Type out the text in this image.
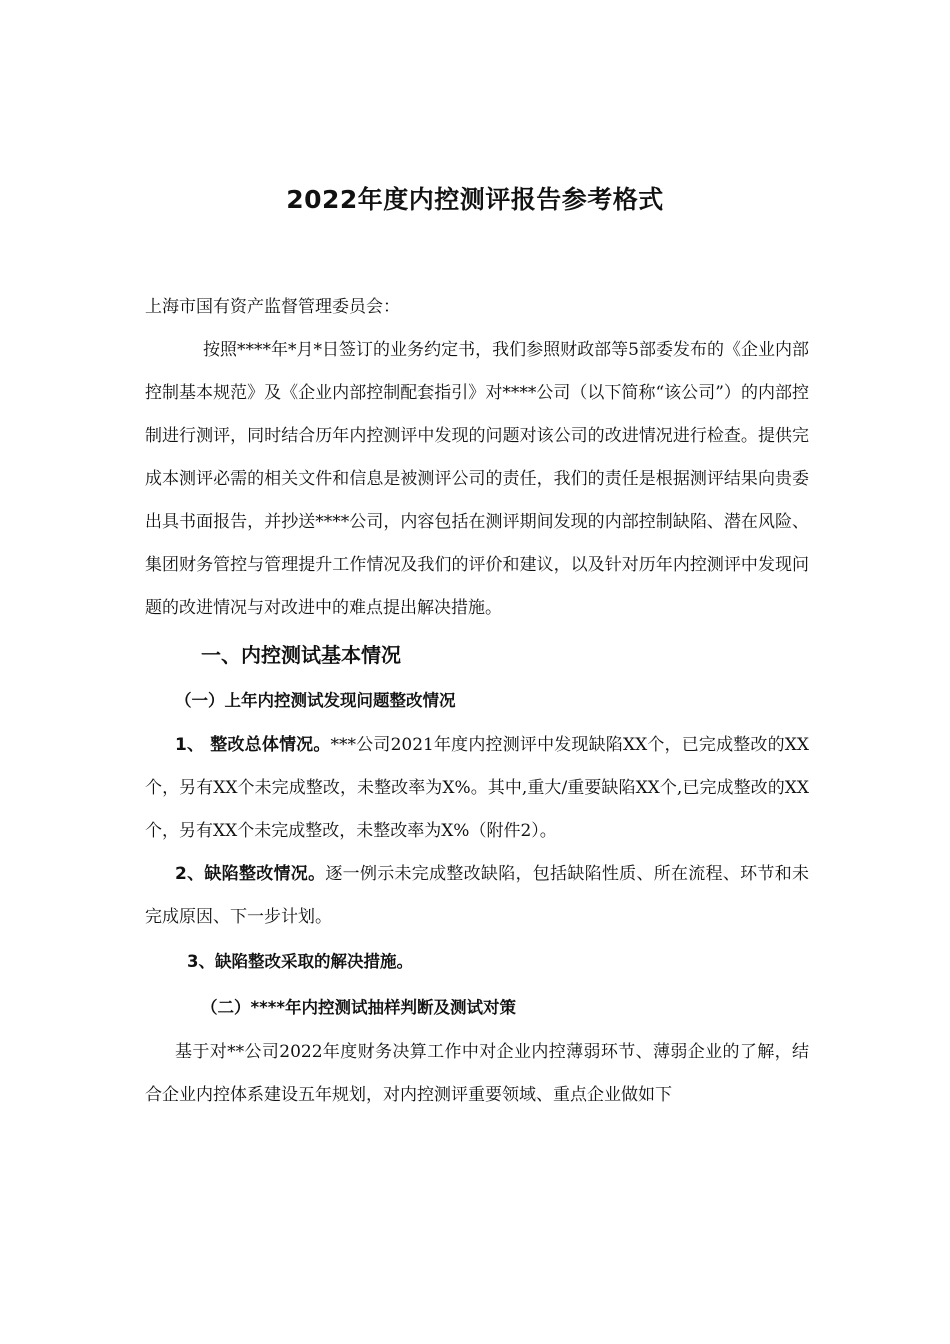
2022年度内控测评报告参考格式

上海市国有资产监督管理委员会：

按照****年*月*日签订的业务约定书，我们参照财政部等5部委发布的《企业内部控制基本规范》及《企业内部控制配套指引》对****公司（以下简称“该公司”）的内部控制进行测评，同时结合历年内控测评中发现的问题对该公司的改进情况进行检查。提供完成本测评必需的相关文件和信息是被测评公司的责任，我们的责任是根据测评结果向贵委出具书面报告，并抄送****公司，内容包括在测评期间发现的内部控制缺陷、潜在风险、集团财务管控与管理提升工作情况及我们的评价和建议，以及针对历年内控测评中发现问题的改进情况与对改进中的难点提出解决措施。

一、内控测试基本情况

（一）上年内控测试发现问题整改情况

1、 整改总体情况。***公司2021年度内控测评中发现缺陷XX个，已完成整改的XX个，另有XX个未完成整改，未整改率为X%。其中,重大/重要缺陷XX个,已完成整改的XX个，另有XX个未完成整改，未整改率为X%（附件2）。

2、缺陷整改情况。逐一例示未完成整改缺陷，包括缺陷性质、所在流程、环节和未完成原因、下一步计划。

3、缺陷整改采取的解决措施。

（二）****年内控测试抽样判断及测试对策

基于对**公司2022年度财务决算工作中对企业内控薄弱环节、薄弱企业的了解，结合企业内控体系建设五年规划，对内控测评重要领域、重点企业做如下
